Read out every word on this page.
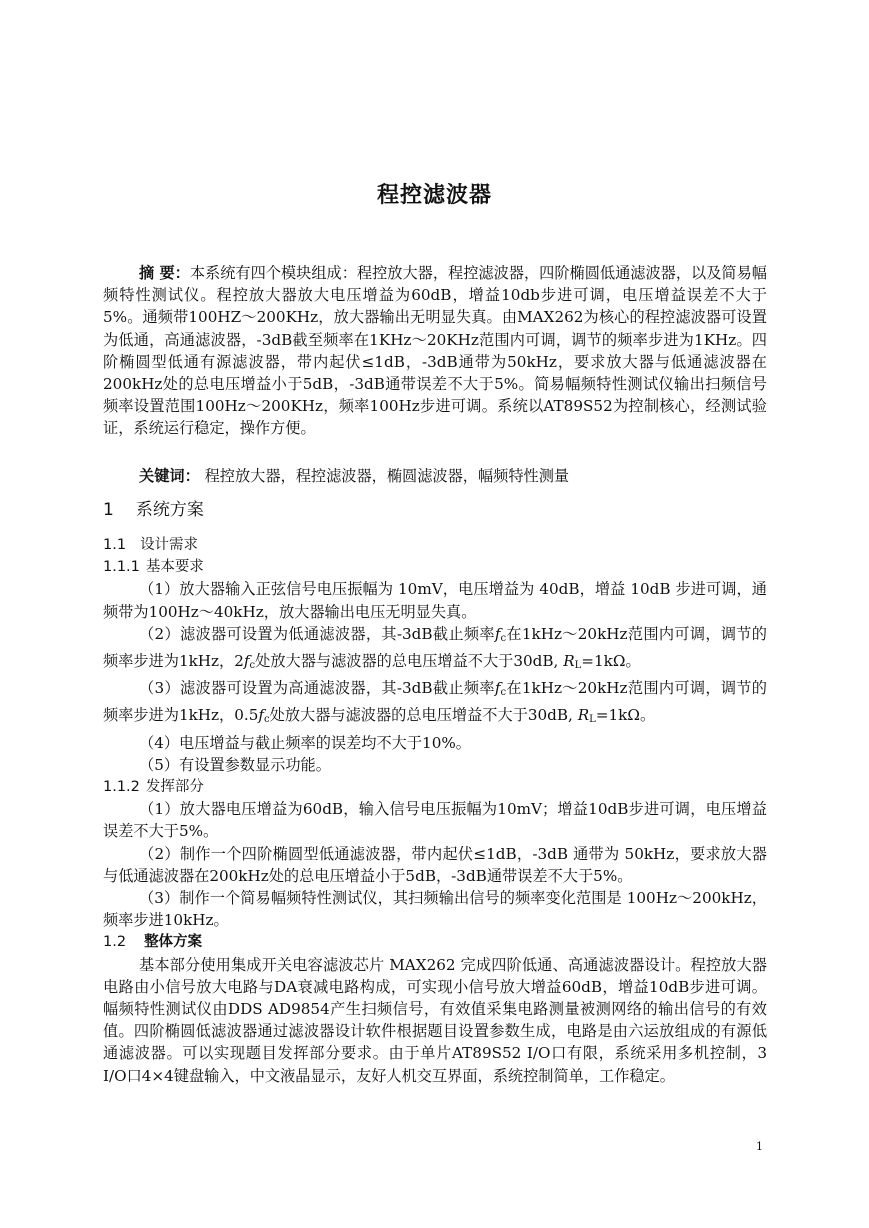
程控滤波器

摘 要：本系统有四个模块组成：程控放大器，程控滤波器，四阶椭圆低通滤波器，以及简易幅频特性测试仪。程控放大器放大电压增益为60dB，增益10db步进可调，电压增益误差不大于5%。通频带100HZ～200KHz，放大器输出无明显失真。由MAX262为核心的程控滤波器可设置为低通，高通滤波器，-3dB截至频率在1KHz～20KHz范围内可调，调节的频率步进为1KHz。四阶椭圆型低通有源滤波器，带内起伏≤1dB，-3dB通带为50kHz，要求放大器与低通滤波器在200kHz处的总电压增益小于5dB，-3dB通带误差不大于5%。简易幅频特性测试仪输出扫频信号频率设置范围100Hz～200KHz，频率100Hz步进可调。系统以AT89S52为控制核心，经测试验证，系统运行稳定，操作方便。

关键词： 程控放大器，程控滤波器，椭圆滤波器，幅频特性测量

1 系统方案
1.1 设计需求
1.1.1 基本要求

（1）放大器输入正弦信号电压振幅为 10mV，电压增益为 40dB，增益 10dB 步进可调，通频带为100Hz～40kHz，放大器输出电压无明显失真。

（2）滤波器可设置为低通滤波器，其-3dB截止频率$f_c$在1kHz～20kHz范围内可调，调节的频率步进为1kHz，$2f_c$处放大器与滤波器的总电压增益不大于30dB, $R_L=1k\Omega$。

（3）滤波器可设置为高通滤波器，其-3dB截止频率$f_c$在1kHz～20kHz范围内可调，调节的频率步进为1kHz，$0.5f_c$处放大器与滤波器的总电压增益不大于30dB, $R_L=1k\Omega$。

（4）电压增益与截止频率的误差均不大于10%。

（5）有设置参数显示功能。

1.1.2 发挥部分

（1）放大器电压增益为60dB，输入信号电压振幅为10mV；增益10dB步进可调，电压增益误差不大于5%。

（2）制作一个四阶椭圆型低通滤波器，带内起伏≤1dB，-3dB 通带为 50kHz，要求放大器与低通滤波器在200kHz处的总电压增益小于5dB，-3dB通带误差不大于5%。

（3）制作一个简易幅频特性测试仪，其扫频输出信号的频率变化范围是 100Hz～200kHz，频率步进10kHz。

1.2 整体方案

基本部分使用集成开关电容滤波芯片 MAX262 完成四阶低通、高通滤波器设计。程控放大器电路由小信号放大电路与DA衰减电路构成，可实现小信号放大增益60dB，增益10dB步进可调。幅频特性测试仪由DDS AD9854产生扫频信号，有效值采集电路测量被测网络的输出信号的有效值。四阶椭圆低滤波器通过滤波器设计软件根据题目设置参数生成，电路是由六运放组成的有源低通滤波器。可以实现题目发挥部分要求。由于单片AT89S52 I/O口有限，系统采用多机控制，3 I/O口4×4键盘输入，中文液晶显示，友好人机交互界面，系统控制简单，工作稳定。

1
